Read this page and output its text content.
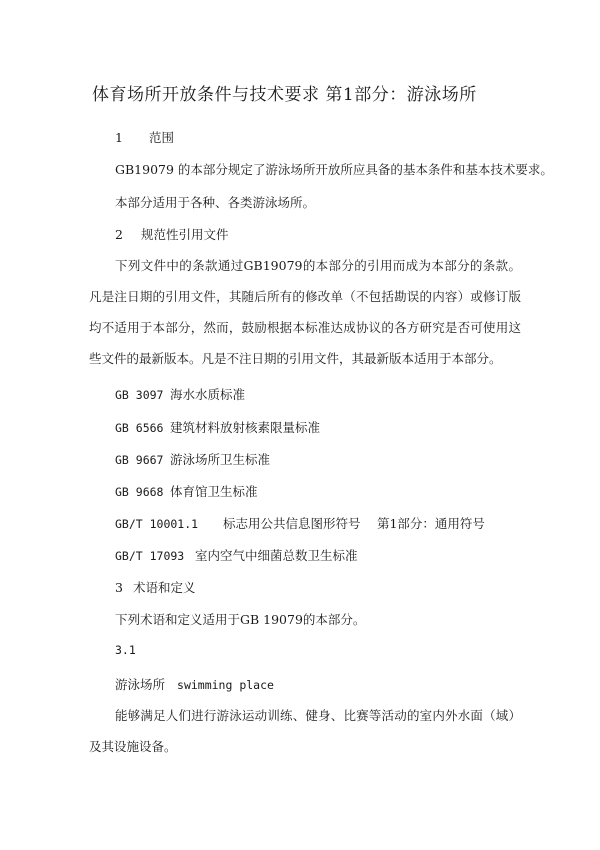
体育场所开放条件与技术要求 第1部分：游泳场所
1 范围
GB19079 的本部分规定了游泳场所开放所应具备的基本条件和基本技术要求。
本部分适用于各种、各类游泳场所。
2 规范性引用文件
下列文件中的条款通过GB19079的本部分的引用而成为本部分的条款。凡是注日期的引用文件，其随后所有的修改单（不包括勘误的内容）或修订版均不适用于本部分，然而，鼓励根据本标准达成协议的各方研究是否可使用这些文件的最新版本。凡是不注日期的引用文件，其最新版本适用于本部分。
GB 3097 海水水质标准
GB 6566 建筑材料放射核素限量标准
GB 9667 游泳场所卫生标准
GB 9668 体育馆卫生标准
GB/T 10001.1 标志用公共信息图形符号　 第1部分：通用符号
GB/T 17093 室内空气中细菌总数卫生标准
3 术语和定义
下列术语和定义适用于GB 19079的本部分。
3.1
游泳场所 swimming place
能够满足人们进行游泳运动训练、健身、比赛等活动的室内外水面（域）及其设施设备。
